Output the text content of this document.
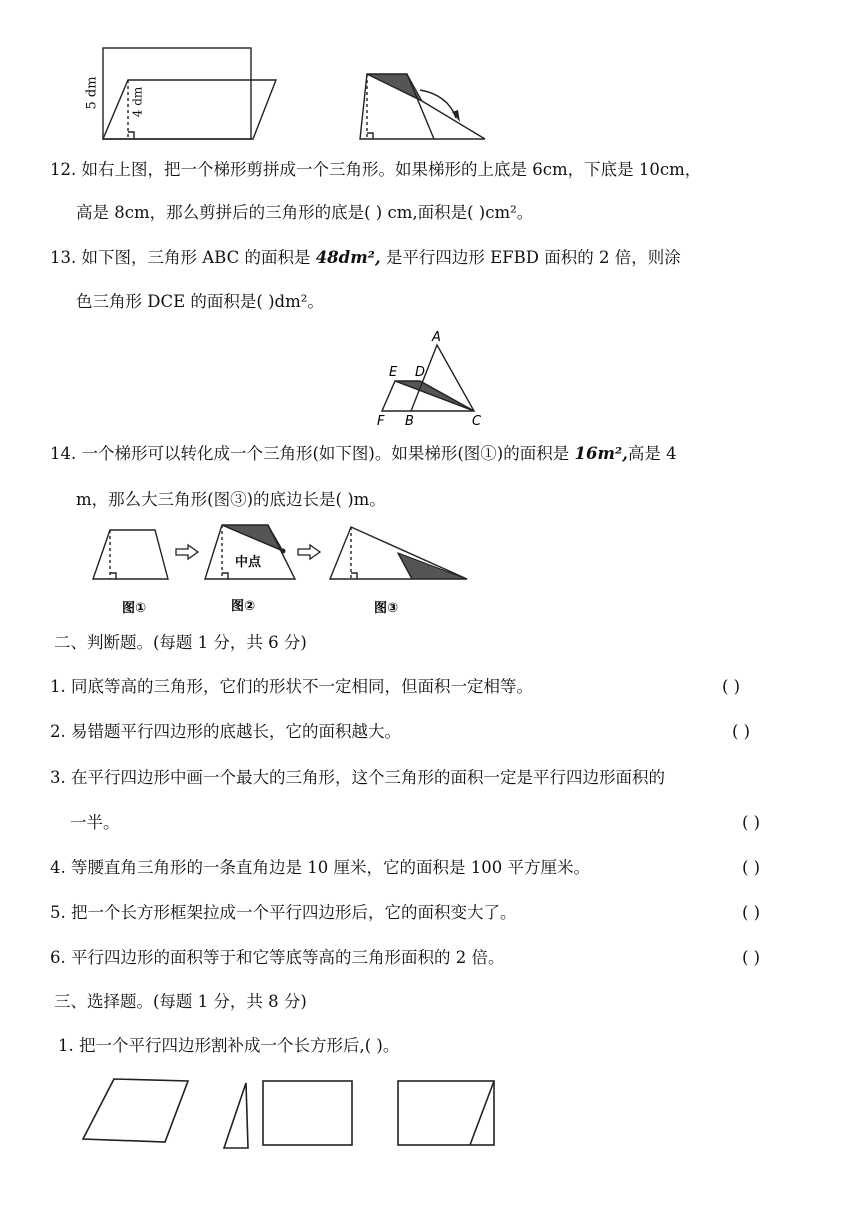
5 dm	4 dm
12. 如右上图，把一个梯形剪拼成一个三角形。如果梯形的上底是 6cm，下底是 10cm，
高是 8cm，那么剪拼后的三角形的底是( ) cm,面积是( )cm²。
13. 如下图，三角形 ABC 的面积是 48dm², 是平行四边形 EFBD 面积的 2 倍，则涂
色三角形 DCE 的面积是( )dm²。
A
E D
F B	C
14. 一个梯形可以转化成一个三角形(如下图)。如果梯形(图①)的面积是 16m²,高是 4
m，那么大三角形(图③)的底边长是( )m。
中点
图①	图②	图③
二、判断题。(每题 1 分，共 6 分)
1. 同底等高的三角形，它们的形状不一定相同，但面积一定相等。	( )
2. 易错题平行四边形的底越长，它的面积越大。	( )
3. 在平行四边形中画一个最大的三角形，这个三角形的面积一定是平行四边形面积的
一半。	( )
4. 等腰直角三角形的一条直角边是 10 厘米，它的面积是 100 平方厘米。	( )
5. 把一个长方形框架拉成一个平行四边形后，它的面积变大了。	( )
6. 平行四边形的面积等于和它等底等高的三角形面积的 2 倍。	( )
三、选择题。(每题 1 分，共 8 分)
1. 把一个平行四边形割补成一个长方形后,( )。
